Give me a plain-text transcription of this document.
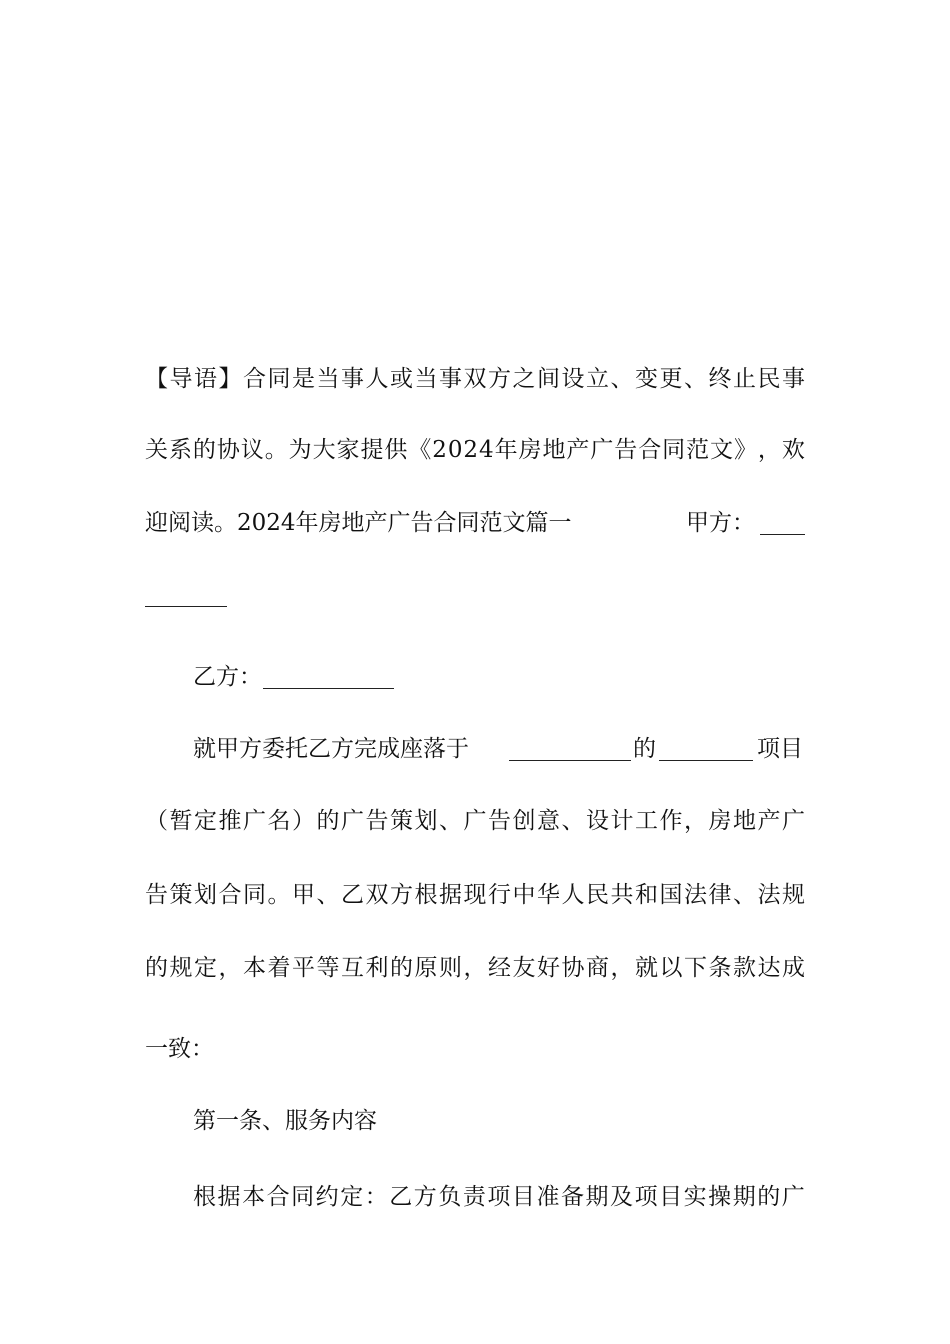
【 导 语 】 合 同 是 当 事 人 或 当 事 双 方 之 间 设 立 、 变 更 、 终 止 民 事
关 系 的 协 议 。 为 大 家 提 供 《 2 0 2 4 年 房 地 产 广 告 合 同 范 文 》 ， 欢
迎阅读。2024年房地产广告合同范文篇一	甲方：
乙方：
就甲方委托乙方完成座落于	的	项目
（ 暂 定 推 广 名 ） 的 广 告 策 划 、 广 告 创 意 、 设 计 工 作 ， 房 地 产 广
告 策 划 合 同 。 甲 、 乙 双 方 根 据 现 行 中 华 人 民 共 和 国 法 律 、 法 规
的 规 定 ， 本 着 平 等 互 利 的 原 则 ， 经 友 好 协 商 ， 就 以 下 条 款 达 成
一致：
第一条、服务内容
根 据 本 合 同 约 定 ： 乙 方 负 责 项 目 准 备 期 及 项 目 实 操 期 的 广
